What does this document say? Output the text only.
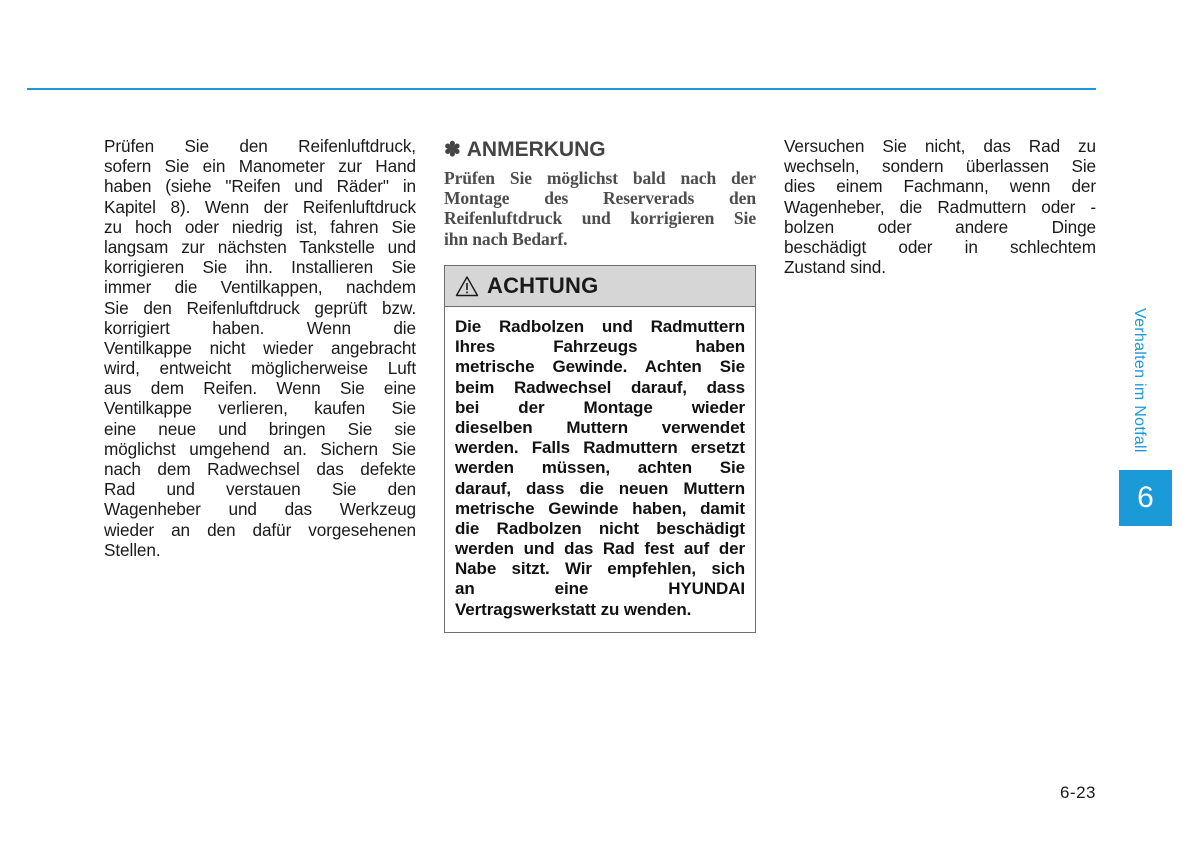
Prüfen Sie den Reifenluftdruck,
sofern Sie ein Manometer zur Hand
haben (siehe "Reifen und Räder" in
Kapitel 8). Wenn der Reifenluftdruck
zu hoch oder niedrig ist, fahren Sie
langsam zur nächsten Tankstelle und
korrigieren Sie ihn. Installieren Sie
immer die Ventilkappen, nachdem
Sie den Reifenluftdruck geprüft bzw.
korrigiert haben. Wenn die
Ventilkappe nicht wieder angebracht
wird, entweicht möglicherweise Luft
aus dem Reifen. Wenn Sie eine
Ventilkappe verlieren, kaufen Sie
eine neue und bringen Sie sie
möglichst umgehend an. Sichern Sie
nach dem Radwechsel das defekte
Rad und verstauen Sie den
Wagenheber und das Werkzeug
wieder an den dafür vorgesehenen
Stellen.
✽ ANMERKUNG
Prüfen Sie möglichst bald nach der
Montage des Reserverads den
Reifenluftdruck und korrigieren Sie
ihn nach Bedarf.
ACHTUNG
Die Radbolzen und Radmuttern
Ihres Fahrzeugs haben
metrische Gewinde. Achten Sie
beim Radwechsel darauf, dass
bei der Montage wieder
dieselben Muttern verwendet
werden. Falls Radmuttern ersetzt
werden müssen, achten Sie
darauf, dass die neuen Muttern
metrische Gewinde haben, damit
die Radbolzen nicht beschädigt
werden und das Rad fest auf der
Nabe sitzt. Wir empfehlen, sich
an eine HYUNDAI
Vertragswerkstatt zu wenden.
Versuchen Sie nicht, das Rad zu
wechseln, sondern überlassen Sie
dies einem Fachmann, wenn der
Wagenheber, die Radmuttern oder -
bolzen oder andere Dinge
beschädigt oder in schlechtem
Zustand sind.
Verhalten im Notfall
6
6-23
